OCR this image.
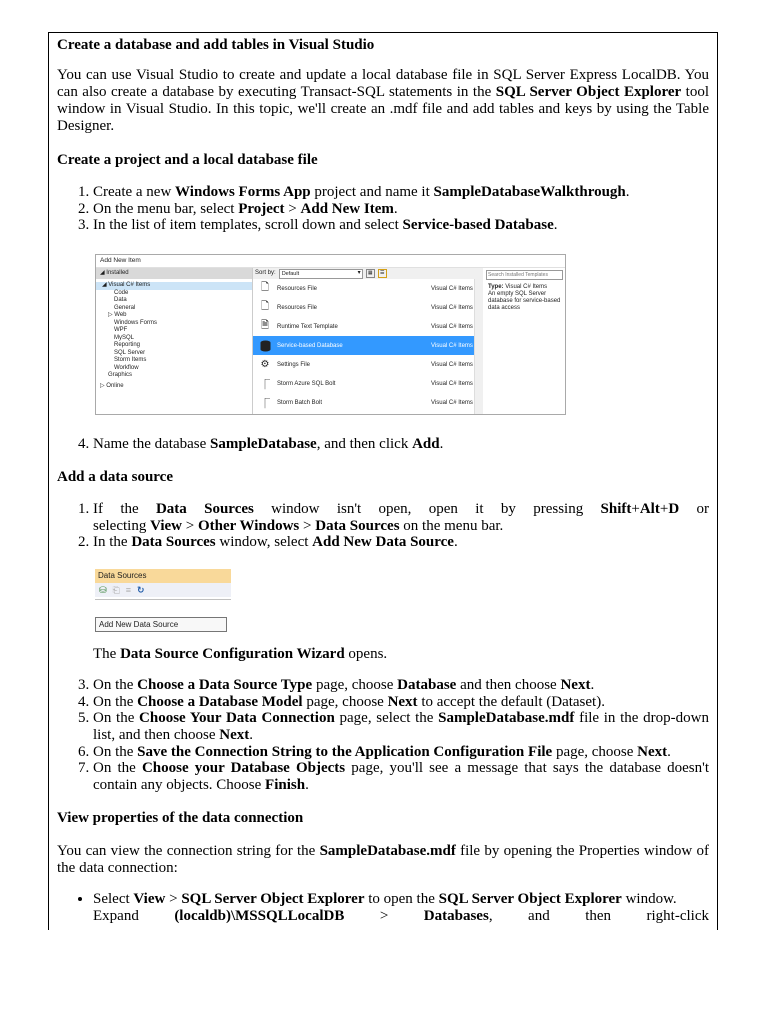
Create a database and add tables in Visual Studio

You can use Visual Studio to create and update a local database file in SQL Server Express LocalDB. You can also create a database by executing Transact-SQL statements in the SQL Server Object Explorer tool window in Visual Studio. In this topic, we'll create an .mdf file and add tables and keys by using the Table Designer.

Create a project and a local database file

1. Create a new Windows Forms App project and name it SampleDatabaseWalkthrough.
2. On the menu bar, select Project > Add New Item.
3. In the list of item templates, scroll down and select Service-based Database.
4. Name the database SampleDatabase, and then click Add.

Add a data source

1. If the Data Sources window isn't open, open it by pressing Shift+Alt+D or
selecting View > Other Windows > Data Sources on the menu bar.
2. In the Data Sources window, select Add New Data Source.

The Data Source Configuration Wizard opens.

3. On the Choose a Data Source Type page, choose Database and then choose Next.
4. On the Choose a Database Model page, choose Next to accept the default (Dataset).
5. On the Choose Your Data Connection page, select the SampleDatabase.mdf file in the drop-down list, and then choose Next.
6. On the Save the Connection String to the Application Configuration File page, choose Next.
7. On the Choose your Database Objects page, you'll see a message that says the database doesn't contain any objects. Choose Finish.

View properties of the data connection

You can view the connection string for the SampleDatabase.mdf file by opening the Properties window of the data connection:

• Select View > SQL Server Object Explorer to open the SQL Server Object Explorer window.
Expand (localdb)\MSSQLLocalDB > Databases, and then right-click
Add New Item
◢ Installed
◢ Visual C# Items
Code
Data
General
▷ Web
Windows Forms
WPF
MySQL
Reporting
SQL Server
Storm Items
Workflow
Graphics
▷ Online
Sort by:	Default ▾	▦	☰
🗋	Resources File	Visual C# Items
🗋	Resources File	Visual C# Items
🗎	Runtime Text Template	Visual C# Items
Service-based Database	Visual C# Items
⚙ Settings File	Visual C# Items
⎾ Storm Azure SQL Bolt	Visual C# Items
⎾ Storm Batch Bolt	Visual C# Items
Search Installed Templates
Type: Visual C# Items
An empty SQL Server database for service-based data access
Data Sources
⛁ ⎗ ≡ ↻
Add New Data Source
